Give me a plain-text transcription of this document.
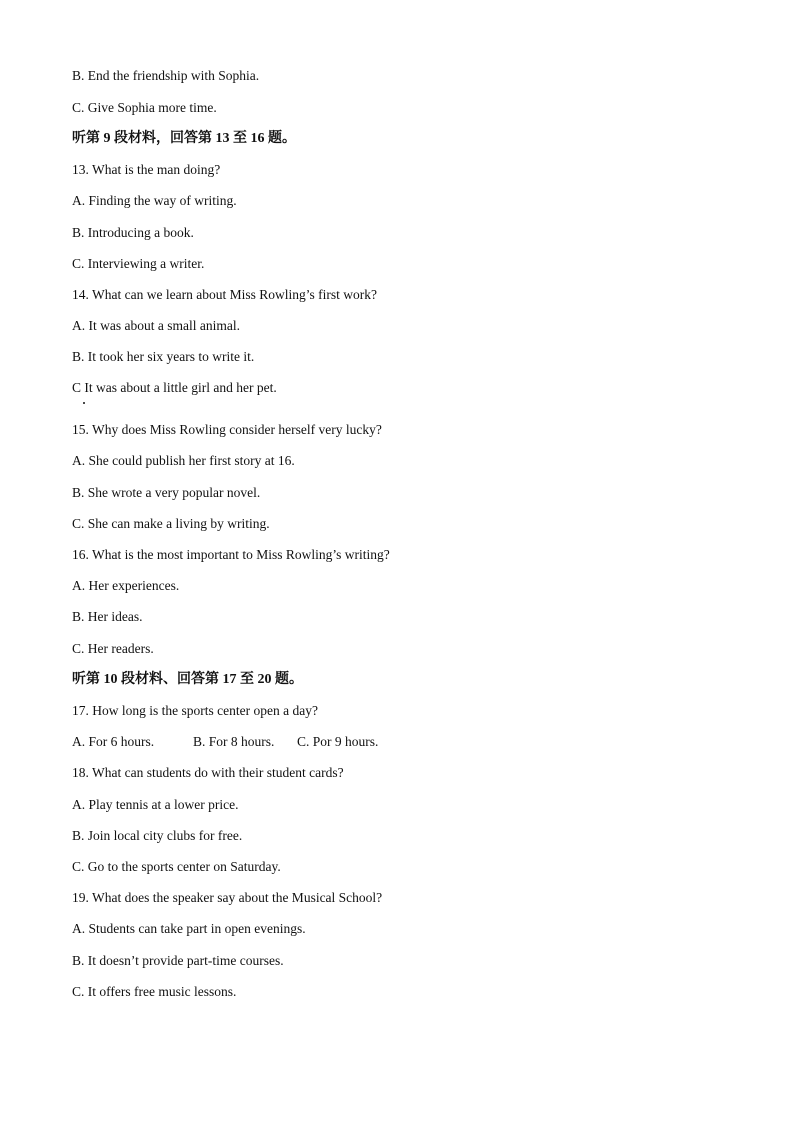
B. End the friendship with Sophia.
C. Give Sophia more time.
听第 9 段材料，回答第 13 至 16 题。
13. What is the man doing?
A. Finding the way of writing.
B. Introducing a book.
C. Interviewing a writer.
14. What can we learn about Miss Rowling’s first work?
A. It was about a small animal.
B. It took her six years to write it.
C It was about a little girl and her pet.
15. Why does Miss Rowling consider herself very lucky?
A. She could publish her first story at 16.
B. She wrote a very popular novel.
C. She can make a living by writing.
16. What is the most important to Miss Rowling’s writing?
A. Her experiences.
B. Her ideas.
C. Her readers.
听第 10 段材料、回答第 17 至 20 题。
17. How long is the sports center open a day?
A. For 6 hours.	B. For 8 hours. C. Por 9 hours.
18. What can students do with their student cards?
A. Play tennis at a lower price.
B. Join local city clubs for free.
C. Go to the sports center on Saturday.
19. What does the speaker say about the Musical School?
A. Students can take part in open evenings.
B. It doesn’t provide part-time courses.
C. It offers free music lessons.
